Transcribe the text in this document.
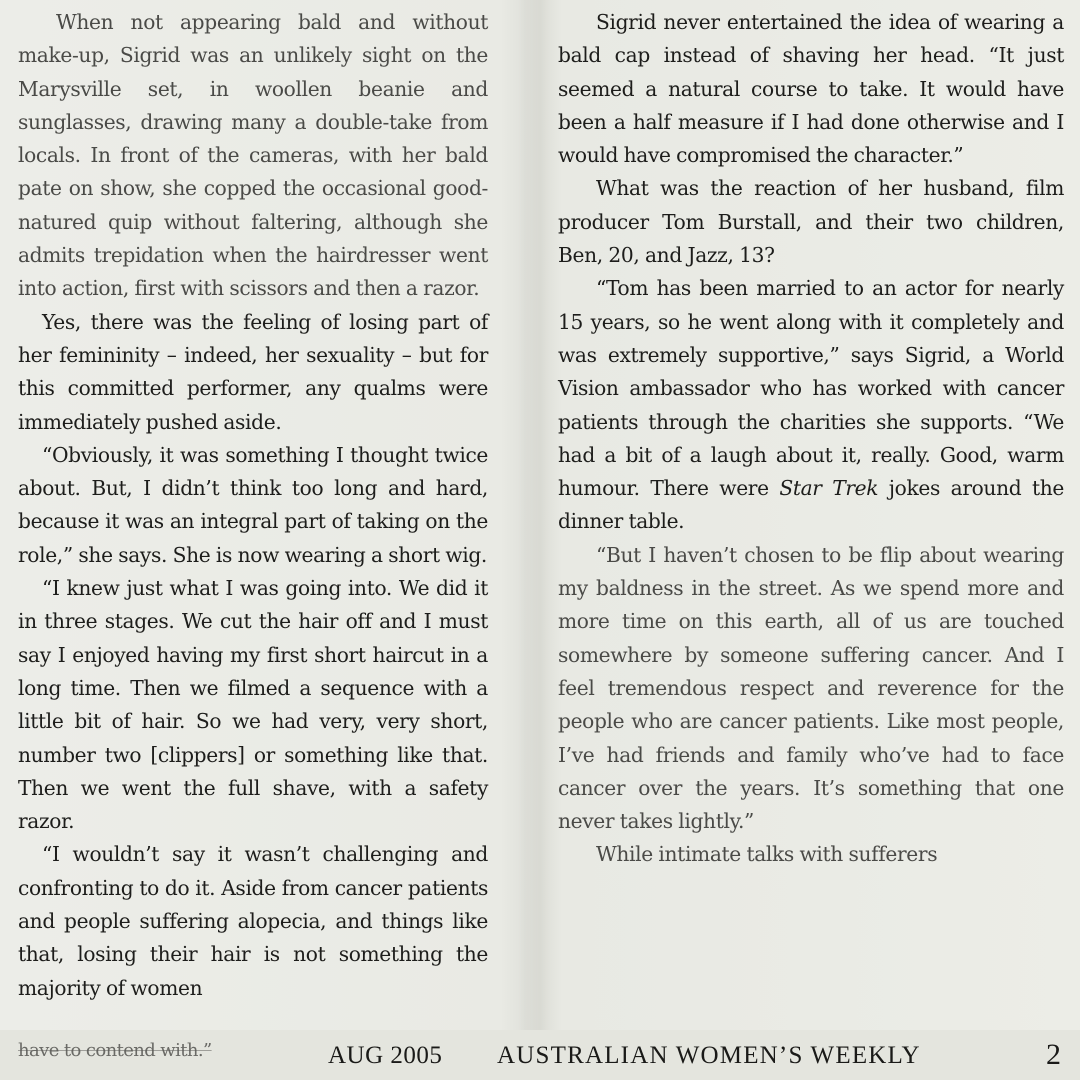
When not appearing bald and without make-up, Sigrid was an unlikely sight on the Marysville set, in woollen beanie and sunglasses, drawing many a double-take from locals. In front of the cameras, with her bald pate on show, she copped the occasional good-natured quip without faltering, although she admits trepidation when the hairdresser went into action, first with scissors and then a razor.

Yes, there was the feeling of losing part of her femininity – indeed, her sexuality – but for this committed performer, any qualms were immediately pushed aside.

“Obviously, it was something I thought twice about. But, I didn’t think too long and hard, because it was an integral part of taking on the role,” she says. She is now wearing a short wig.

“I knew just what I was going into. We did it in three stages. We cut the hair off and I must say I enjoyed having my first short haircut in a long time. Then we filmed a sequence with a little bit of hair. So we had very, very short, number two [clippers] or something like that. Then we went the full shave, with a safety razor.

“I wouldn’t say it wasn’t challenging and confronting to do it. Aside from cancer patients and people suffering alopecia, and things like that, losing their hair is not something the majority of women

Sigrid never entertained the idea of wearing a bald cap instead of shaving her head. “It just seemed a natural course to take. It would have been a half measure if I had done otherwise and I would have compromised the character.”

What was the reaction of her husband, film producer Tom Burstall, and their two children, Ben, 20, and Jazz, 13?

“Tom has been married to an actor for nearly 15 years, so he went along with it completely and was extremely supportive,” says Sigrid, a World Vision ambassador who has worked with cancer patients through the charities she supports. “We had a bit of a laugh about it, really. Good, warm humour. There were Star Trek jokes around the dinner table.

“But I haven’t chosen to be flip about wearing my baldness in the street. As we spend more and more time on this earth, all of us are touched somewhere by someone suffering cancer. And I feel tremendous respect and reverence for the people who are cancer patients. Like most people, I’ve had friends and family who’ve had to face cancer over the years. It’s something that one never takes lightly.”

While intimate talks with sufferers

have to contend with.”	AUG 2005 AUSTRALIAN WOMEN’S WEEKLY	2
